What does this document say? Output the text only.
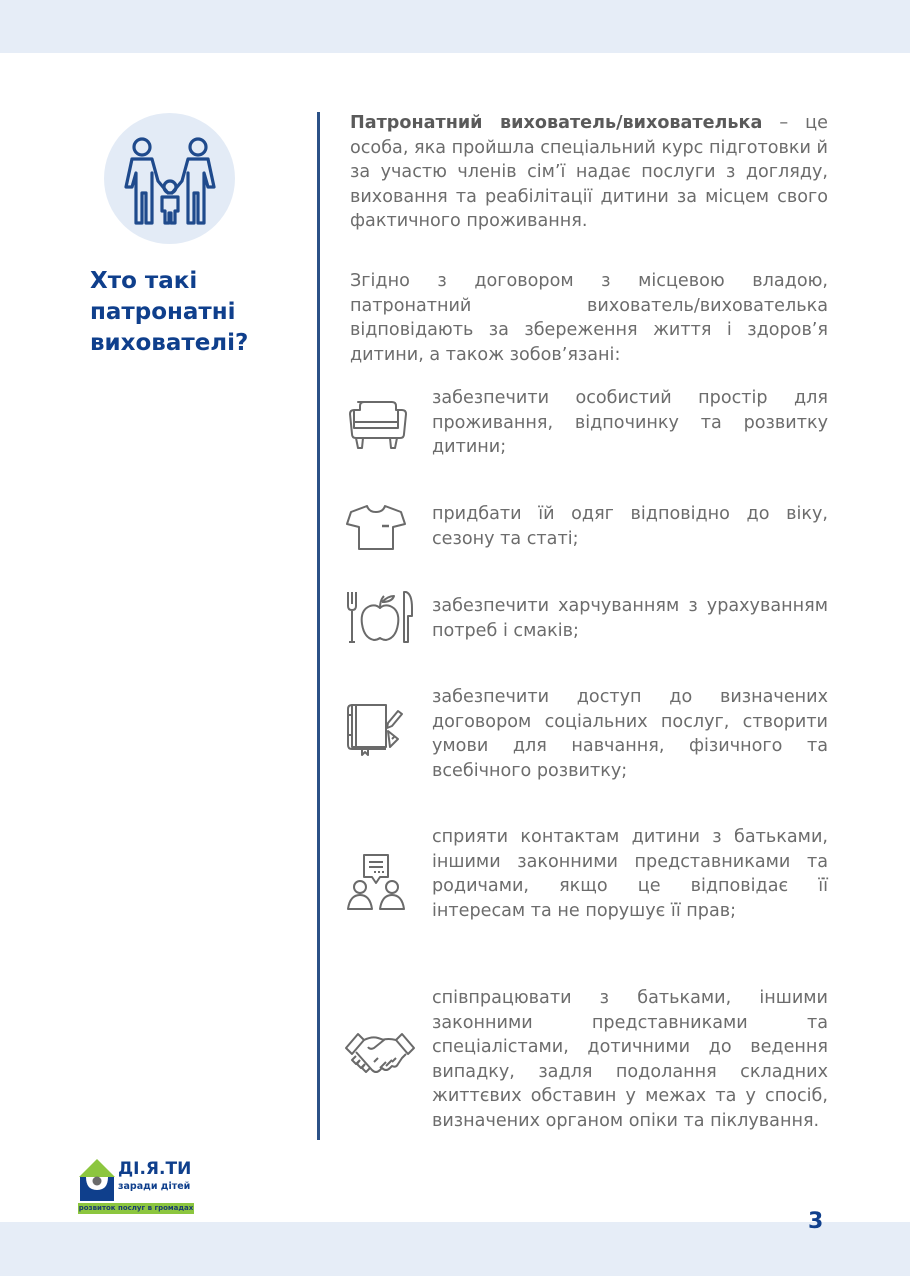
Хто такі
патронатні
вихователі?
Патронатний вихователь/вихователька – це особа, яка пройшла спеціальний курс підготовки й за участю членів сім’ї надає послуги з догляду, виховання та реабілітації дитини за місцем свого фактичного проживання.
Згідно з договором з місцевою владою, патронатний вихователь/вихователька відповідають за збереження життя і здоров’я дитини, а також зобов’язані:
забезпечити особистий простір для проживання, відпочинку та розвитку дитини;
придбати їй одяг відповідно до віку, сезону та статі;
забезпечити харчуванням з урахуванням потреб і смаків;
забезпечити доступ до визначених договором соціальних послуг, створити умови для навчання, фізичного та всебічного розвитку;
сприяти контактам дитини з батьками, іншими законними представниками та родичами, якщо це відповідає її інтересам та не порушує її прав;
співпрацювати з батьками, іншими законними представниками та спеціалістами, дотичними до ведення випадку, задля подолання складних життєвих обставин у межах та у спосіб, визначених органом опіки та піклування.
ДІ.Я.ТИ
заради дітей
розвиток послуг в громадах
3
